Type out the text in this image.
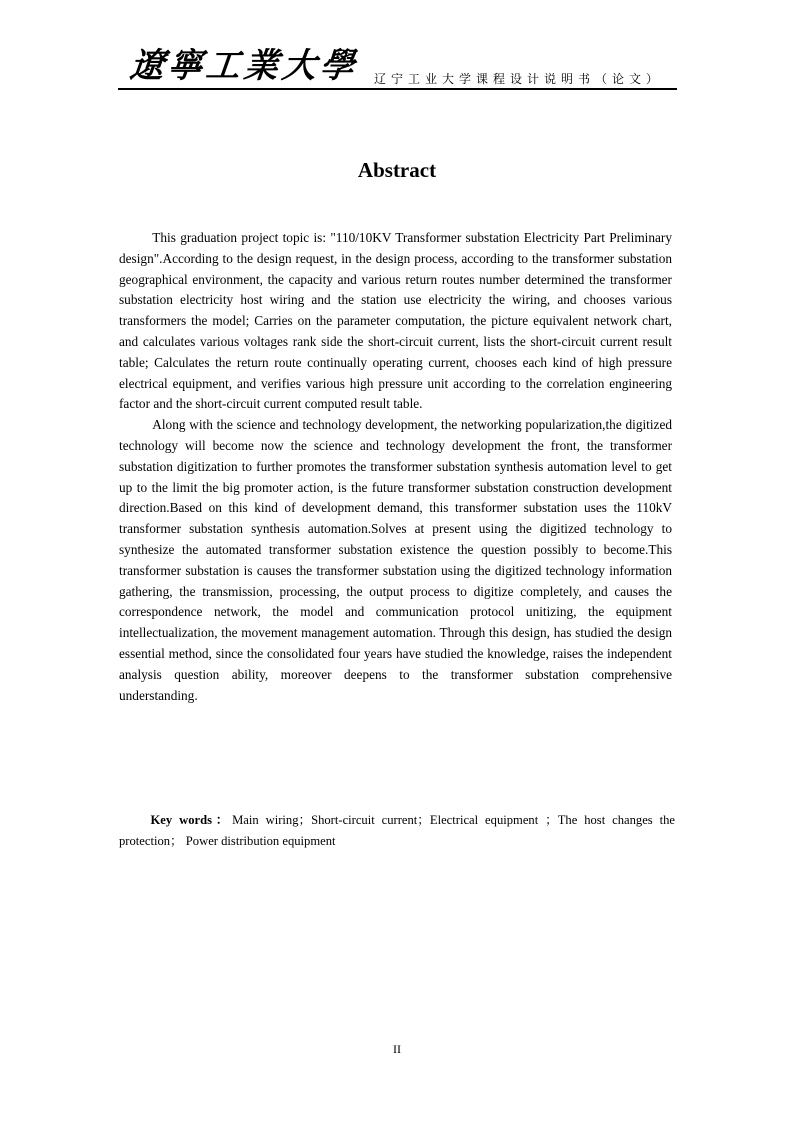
遼寧工業大學 辽宁工业大学课程设计说明书（论文）
Abstract

This graduation project topic is: "110/10KV Transformer substation Electricity Part Preliminary design".According to the design request, in the design process, according to the transformer substation geographical environment, the capacity and various return routes number determined the transformer substation electricity host wiring and the station use electricity the wiring, and chooses various transformers the model; Carries on the parameter computation, the picture equivalent network chart, and calculates various voltages rank side the short-circuit current, lists the short-circuit current result table; Calculates the return route continually operating current, chooses each kind of high pressure electrical equipment, and verifies various high pressure unit according to the correlation engineering factor and the short-circuit current computed result table.

Along with the science and technology development, the networking popularization,the digitized technology will become now the science and technology development the front, the transformer substation digitization to further promotes the transformer substation synthesis automation level to get up to the limit the big promoter action, is the future transformer substation construction development direction.Based on this kind of development demand, this transformer substation uses the 110kV transformer substation synthesis automation.Solves at present using the digitized technology to synthesize the automated transformer substation existence the question possibly to become.This transformer substation is causes the transformer substation using the digitized technology information gathering, the transmission, processing, the output process to digitize completely, and causes the correspondence network, the model and communication protocol unitizing, the equipment intellectualization, the movement management automation. Through this design, has studied the design essential method, since the consolidated four years have studied the knowledge, raises the independent analysis question ability, moreover deepens to the transformer substation comprehensive understanding.

Key words：Main wiring；Short-circuit current；Electrical equipment ；The host changes the protection； Power distribution equipment
II
